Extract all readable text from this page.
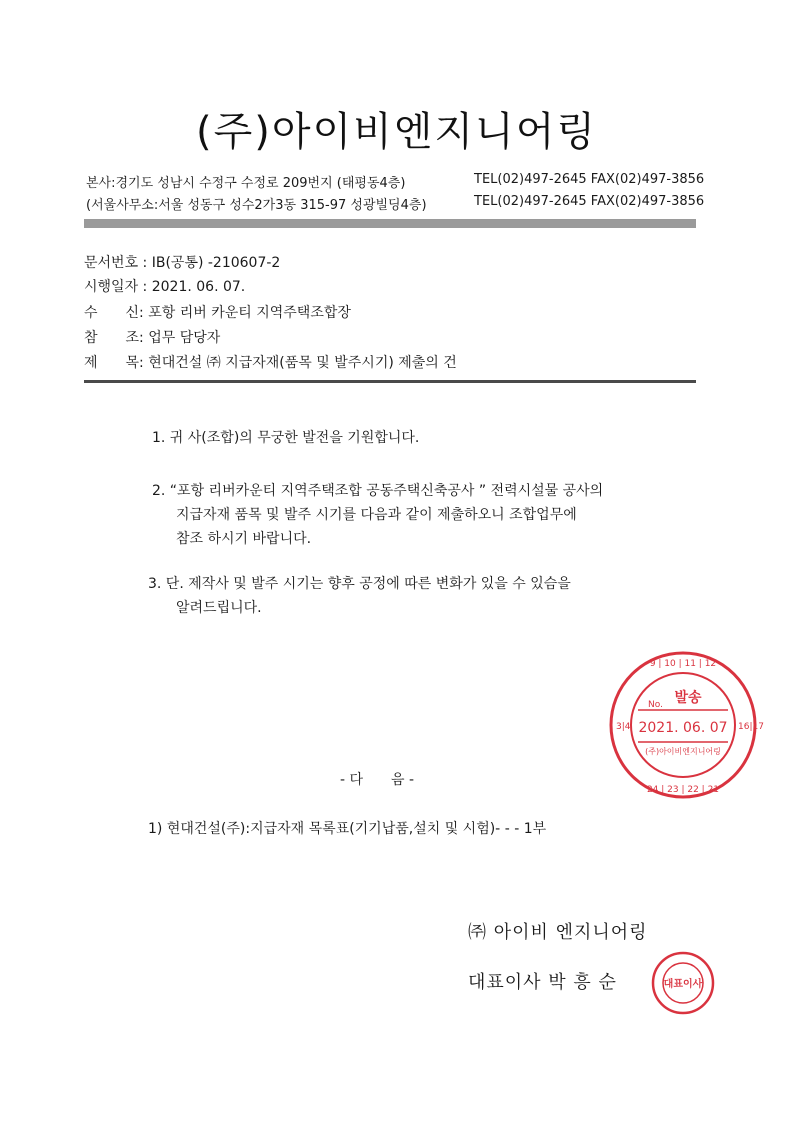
(주)아이비엔지니어링
본사:경기도 성남시 수정구 수정로 209번지 (태평동4층)	TEL(02)497-2645 FAX(02)497-3856
(서울사무소:서울 성동구 성수2가3동 315-97 성광빌딩4층)	TEL(02)497-2645 FAX(02)497-3856
문서번호 : IB(공통) -210607-2
시행일자 : 2021. 06. 07.
수　　신: 포항 리버 카운티 지역주택조합장
참　　조: 업무 담당자
제　　목: 현대건설 ㈜ 지급자재(품목 및 발주시기) 제출의 건
1. 귀 사(조합)의 무궁한 발전을 기원합니다.
2. “포항 리버카운티 지역주택조합 공동주택신축공사 ” 전력시설물 공사의
지급자재 품목 및 발주 시기를 다음과 같이 제출하오니 조합업무에
참조 하시기 바랍니다.
3. 단. 제작사 및 발주 시기는 향후 공정에 따른 변화가 있을 수 있슴을
알려드립니다.
9 | 10 | 11 | 12
24 | 23 | 22 | 21
3|4	16|17
No. 발송
2021. 06. 07
(주)아이비엔지니어링
- 다　　음 -
1) 현대건설(주):지급자재 목록표(기기납품,설치 및 시험)- - - 1부
㈜ 아이비 엔지니어링
대표이사 박 흥 순	대표이사
